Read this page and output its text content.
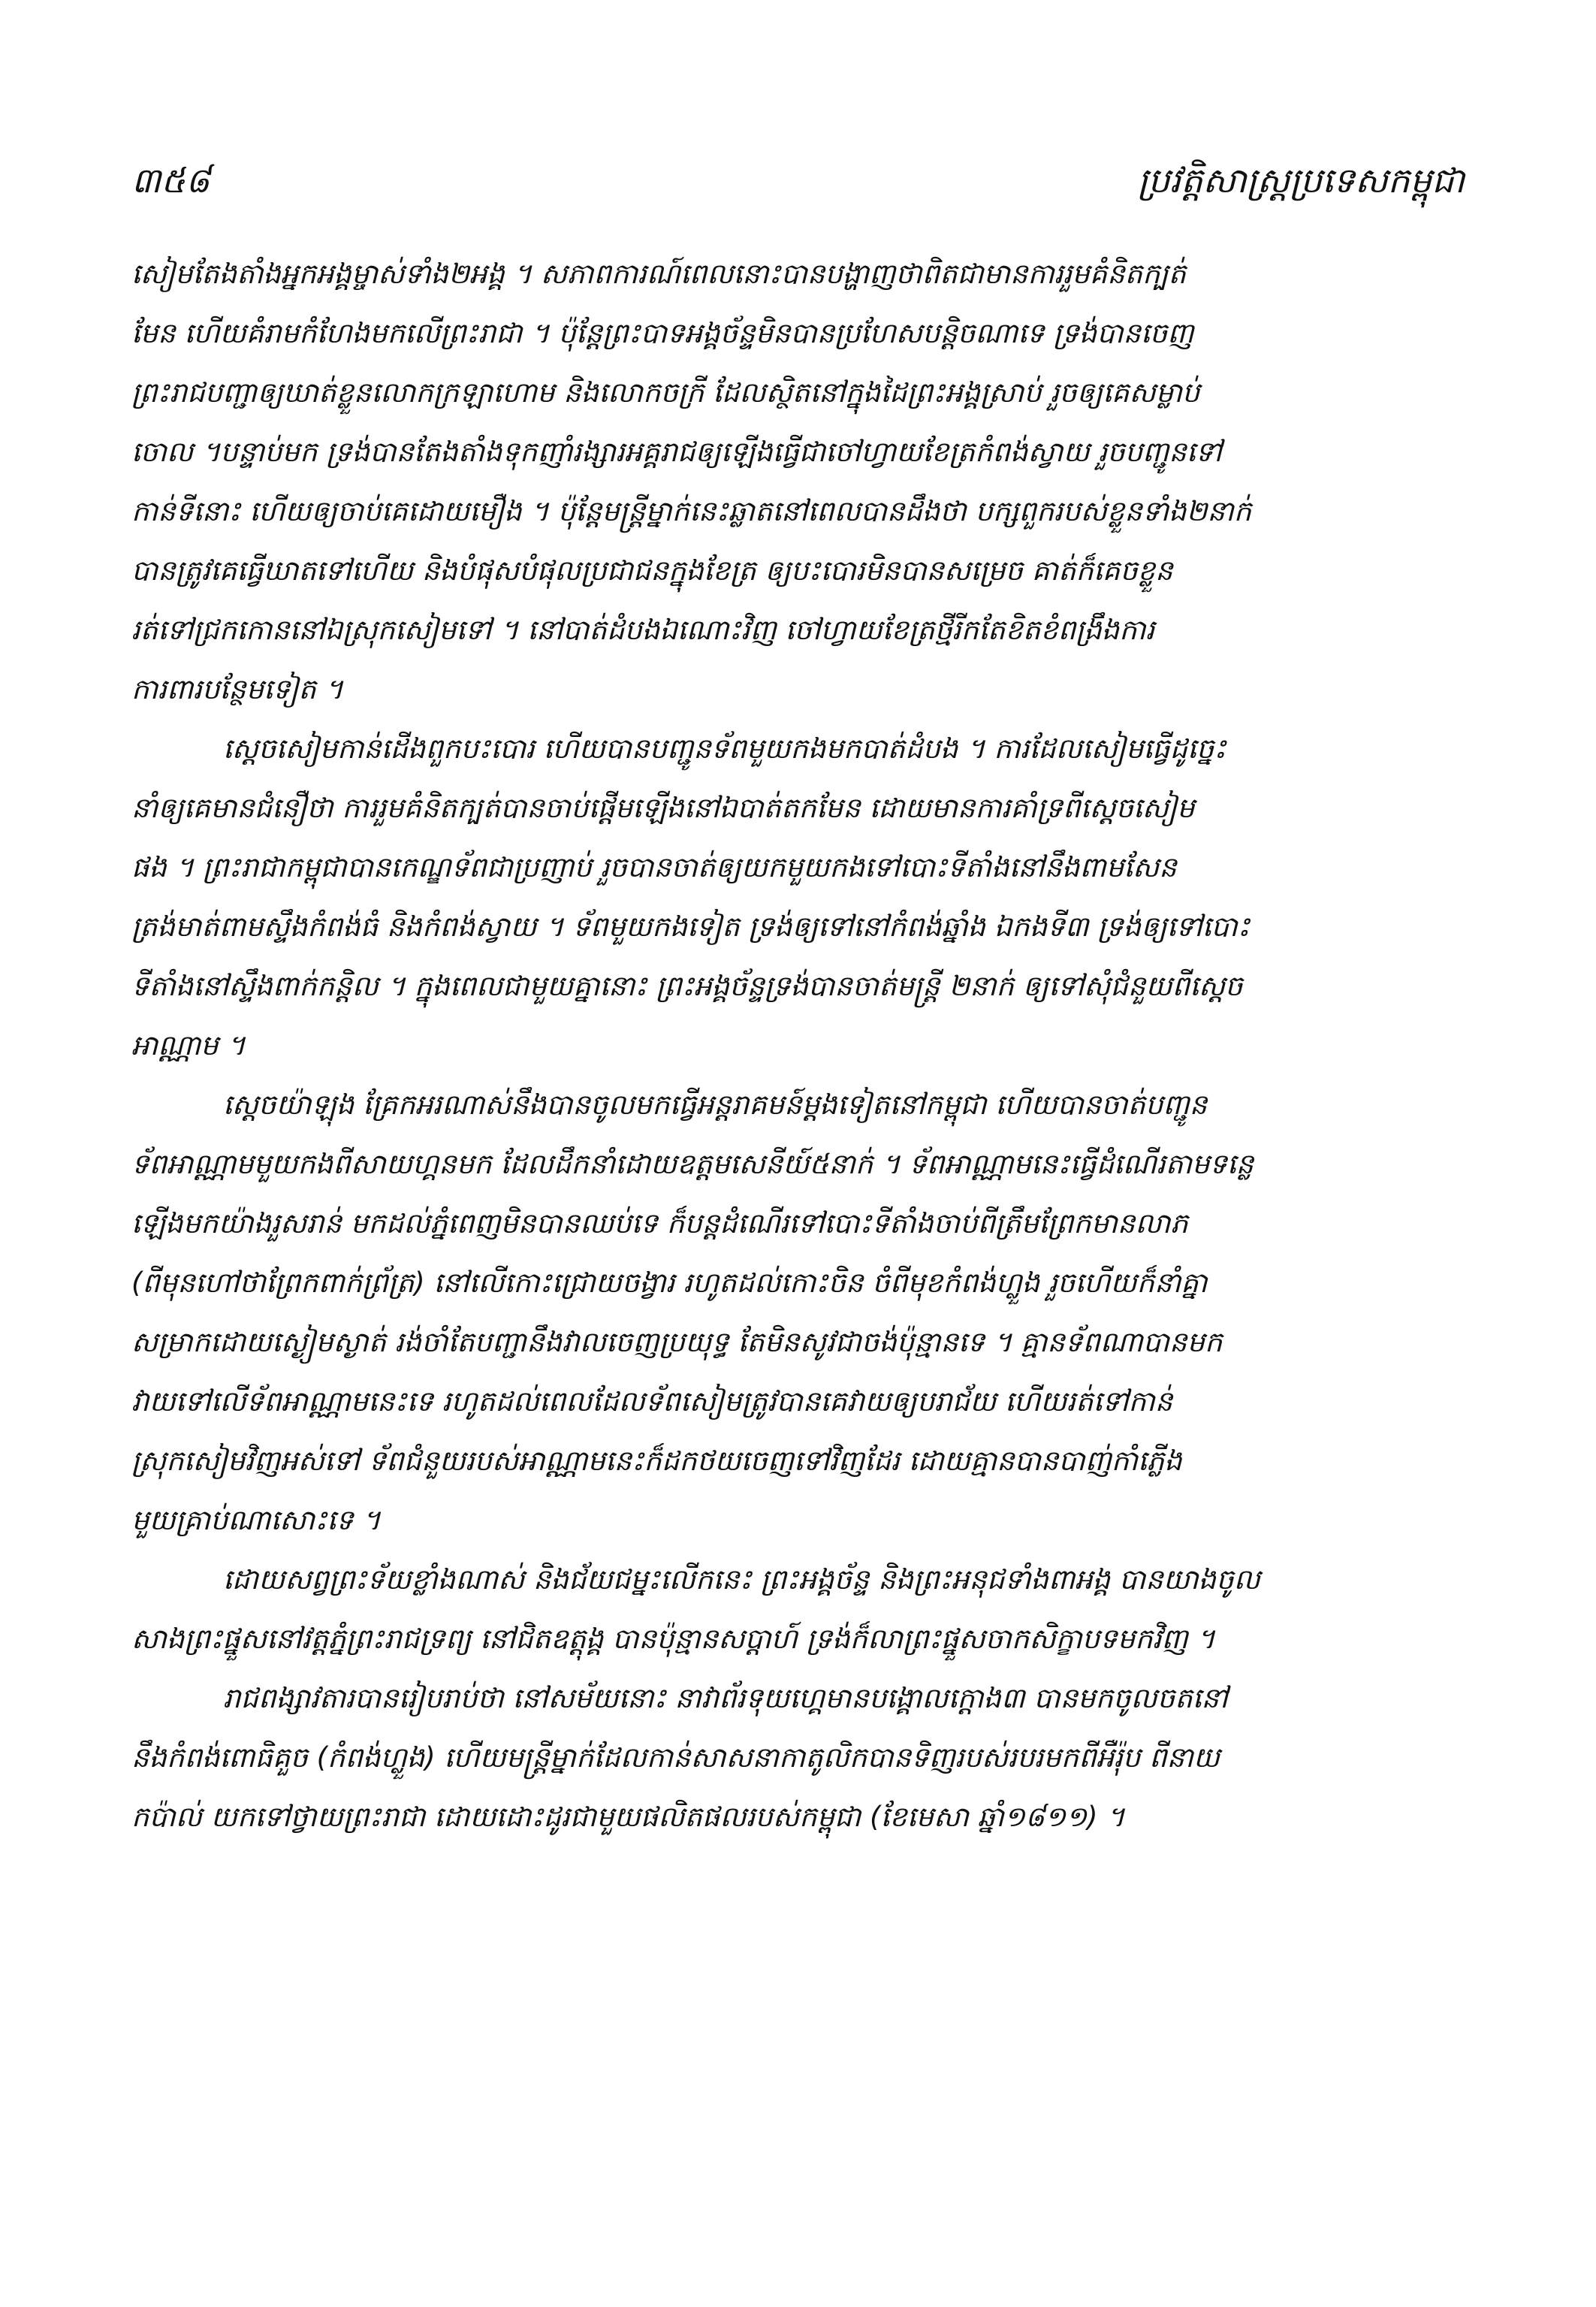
៣៥៨	ប្រវត្តិសាស្ត្រប្រទេសកម្ពុជា
សៀមតែងតាំងអ្នកអង្គម្ចាស់ទាំង២អង្គ ។ សភាពការណ៍ពេលនោះបានបង្ហាញថាពិតជាមានការរួមគំនិតក្បត់
មែន ហើយគំរាមកំហែងមកលើព្រះរាជា ។ ប៉ុន្តែព្រះបាទអង្គច័ន្ទមិនបានប្រហែសបន្តិចណាទេ ទ្រង់បានចេញ
ព្រះរាជបញ្ជាឲ្យឃាត់ខ្លួនលោកក្រឡាហោម និងលោកចក្រី ដែលស្ថិតនៅក្នុងដៃព្រះអង្គស្រាប់ រួចឲ្យគេសម្លាប់
ចោល ។បន្ទាប់មក ទ្រង់បានតែងតាំងទុកញាំរង្សារអគ្គរាជឲ្យឡើងធ្វើជាចៅហ្វាយខែត្រកំពង់ស្វាយ រួចបញ្ជូនទៅ
កាន់ទីនោះ ហើយឲ្យចាប់គេដោយមឿង ។ ប៉ុន្តែមន្ត្រីម្នាក់នេះឆ្លាតនៅពេលបានដឹងថា បក្សពួករបស់ខ្លួនទាំង២នាក់
បានត្រូវគេធ្វើឃាតទៅហើយ និងបំផុសបំផុលប្រជាជនក្នុងខែត្រ ឲ្យបះបោរមិនបានសម្រេច គាត់ក៏គេចខ្លួន
រត់ទៅជ្រកកោននៅឯស្រុកសៀមទៅ ។ នៅបាត់ដំបងឯណោះវិញ ចៅហ្វាយខែត្រថ្មីរីកតែខិតខំពង្រឹងការ
ការពារបន្ថែមទៀត ។
ស្តេចសៀមកាន់ដើងពួកបះបោរ ហើយបានបញ្ជូនទ័ពមួយកងមកបាត់ដំបង ។ ការដែលសៀមធ្វើដូច្នេះ
នាំឲ្យគេមានជំនឿថា ការរួមគំនិតក្បត់បានចាប់ផ្តើមឡើងនៅឯបាត់តកមែន ដោយមានការគាំទ្រពីស្តេចសៀម
ផង ។ ព្រះរាជាកម្ពុជាបានកេណ្ឌទ័ពជាប្រញាប់ រួចបានចាត់ឲ្យយកមួយកងទៅបោះទីតាំងនៅនឹងពាមសែន
ត្រង់មាត់ពាមស្ទឹងកំពង់ធំ និងកំពង់ស្វាយ ។ ទ័ពមួយកងទៀត ទ្រង់ឲ្យទៅនៅកំពង់ឆ្នាំង ឯកងទី៣ ទ្រង់ឲ្យទៅបោះ
ទីតាំងនៅស្ទឹងពាក់កន្តិល ។ ក្នុងពេលជាមួយគ្នានោះ ព្រះអង្គច័ន្ទទ្រង់បានចាត់មន្ត្រី ២នាក់ ឲ្យទៅសុំជំនួយពីស្តេច
អាណ្ណាម ។
ស្តេចយ៉ាឡុង គ្រែកអរណាស់នឹងបានចូលមកធ្វើអន្តរាគមន៍ម្តងទៀតនៅកម្ពុជា ហើយបានចាត់បញ្ជូន
ទ័ពអាណ្ណាមមួយកងពីសាយហ្គនមក ដែលដឹកនាំដោយឧត្តមសេនីយ៍៥នាក់ ។ ទ័ពអាណ្ណាមនេះធ្វើដំណើរតាមទន្លេ
ឡើងមកយ៉ាងរួសរាន់ មកដល់ភ្នំពេញមិនបានឈប់ទេ ក៏បន្តដំណើរទៅបោះទីតាំងចាប់ពីត្រឹមព្រែកមានលាភ
(ពីមុនហៅថាព្រែកពាក់ព្រ័ត្រ) នៅលើកោះជ្រោយចង្វារ រហូតដល់កោះចិន ចំពីមុខកំពង់ហ្លួង រួចហើយក៏នាំគ្នា
សម្រាកដោយស្ងៀមស្ងាត់ រង់ចាំតែបញ្ជានឹងវាលចេញប្រយុទ្ធ តែមិនសូវជាចង់ប៉ុន្មានទេ ។ គ្មានទ័ពណាបានមក
វាយទៅលើទ័ពអាណ្ណាមនេះទេ រហូតដល់ពេលដែលទ័ពសៀមត្រូវបានគេវាយឲ្យបរាជ័យ ហើយរត់ទៅកាន់
ស្រុកសៀមវិញអស់ទៅ ទ័ពជំនួយរបស់អាណ្ណាមនេះក៏ដកថយចេញទៅវិញដែរ ដោយគ្មានបានបាញ់កាំភ្លើង
មួយគ្រាប់ណាសោះទេ ។
ដោយសព្វព្រះទ័យខ្លាំងណាស់ និងជ័យជម្នះលើកនេះ ព្រះអង្គច័ន្ទ និងព្រះអនុជទាំងពាអង្គ បានយាងចូល
សាងព្រះផ្នួសនៅវត្តភ្នំព្រះរាជទ្រព្យ នៅជិតឧត្តុង្គ បានប៉ុន្មានសប្តាហ៍ ទ្រង់ក៏លាព្រះផ្នួសចាកសិក្ខាបទមកវិញ ។
រាជពង្សាវតារបានរៀបរាប់ថា នៅសម័យនោះ នាវាព័រទុយហ្គេមានបង្គោលក្តោង៣ បានមកចូលចតនៅ
នឹងកំពង់ពោធិគួច (កំពង់ហ្លួង) ហើយមន្ត្រីម្នាក់ដែលកាន់សាសនាកាតូលិកបានទិញរបស់របរមកពីអឺរ៉ុប ពីនាយ
កប៉ាល់ យកទៅថ្វាយព្រះរាជា ដោយដោះដូរជាមួយផលិតផលរបស់កម្ពុជា (ខែមេសា ឆ្នាំ១៨១១) ។
